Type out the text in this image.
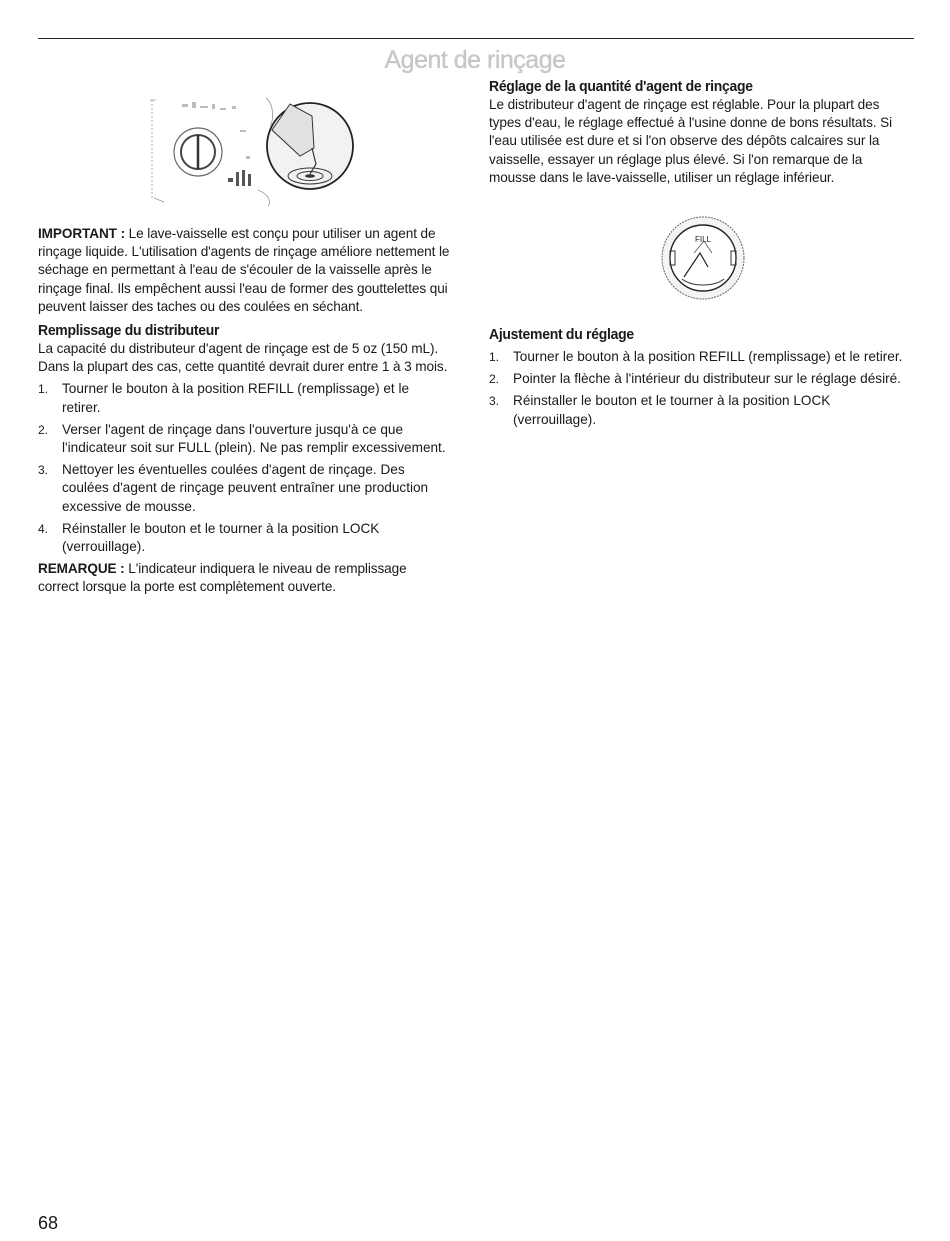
Agent de rinçage

IMPORTANT : Le lave-vaisselle est conçu pour utiliser un agent de rinçage liquide. L'utilisation d'agents de rinçage améliore nettement le séchage en permettant à l'eau de s'écouler de la vaisselle après le rinçage final. Ils empêchent aussi l'eau de former des gouttelettes qui peuvent laisser des taches ou des coulées en séchant.

Remplissage du distributeur

La capacité du distributeur d'agent de rinçage est de 5 oz (150 mL). Dans la plupart des cas, cette quantité devrait durer entre 1 à 3 mois.

1. Tourner le bouton à la position REFILL (remplissage) et le retirer.
2. Verser l'agent de rinçage dans l'ouverture jusqu'à ce que l'indicateur soit sur FULL (plein). Ne pas remplir excessivement.
3. Nettoyer les éventuelles coulées d'agent de rinçage. Des coulées d'agent de rinçage peuvent entraîner une production excessive de mousse.
4. Réinstaller le bouton et le tourner à la position LOCK (verrouillage).

REMARQUE : L'indicateur indiquera le niveau de remplissage correct lorsque la porte est complètement ouverte.

Réglage de la quantité d'agent de rinçage

Le distributeur d'agent de rinçage est réglable. Pour la plupart des types d'eau, le réglage effectué à l'usine donne de bons résultats. Si l'eau utilisée est dure et si l'on observe des dépôts calcaires sur la vaisselle, essayer un réglage plus élevé. Si l'on remarque de la mousse dans le lave-vaisselle, utiliser un réglage inférieur.

FILL
Ajustement du réglage
1. Tourner le bouton à la position REFILL (remplissage) et le retirer.
2. Pointer la flèche à l'intérieur du distributeur sur le réglage désiré.
3. Réinstaller le bouton et le tourner à la position LOCK (verrouillage).
68
